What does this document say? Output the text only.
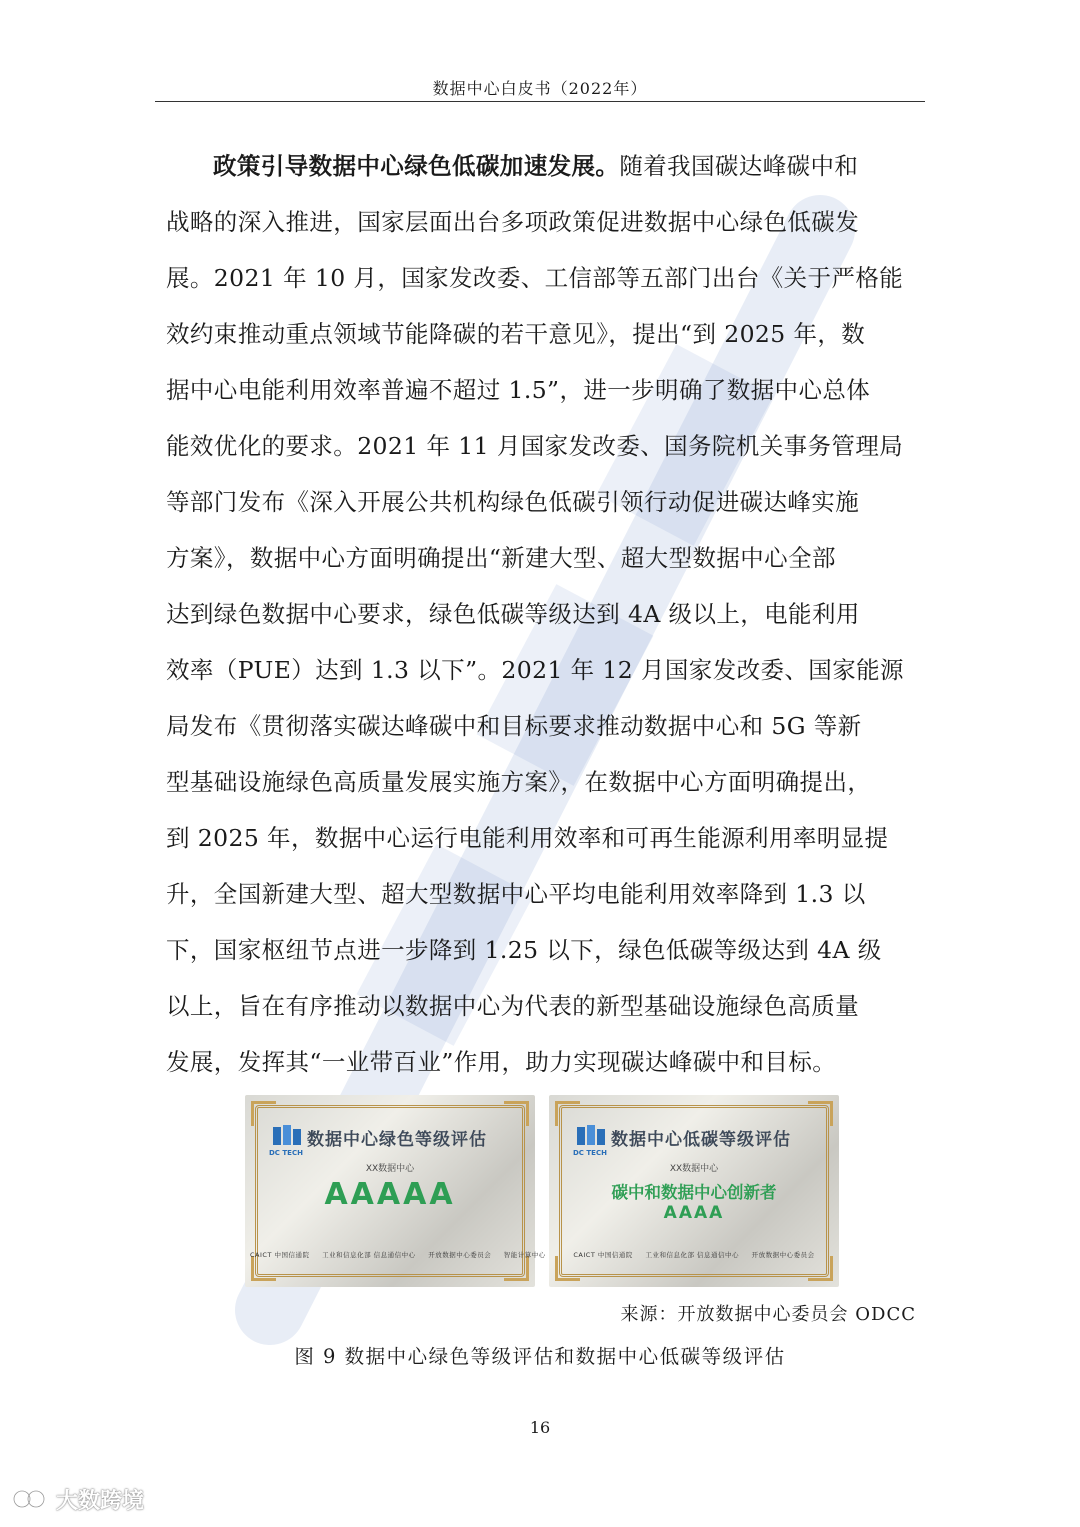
数据中心白皮书（2022年）
政策引导数据中心绿色低碳加速发展。随着我国碳达峰碳中和
战略的深入推进，国家层面出台多项政策促进数据中心绿色低碳发
展。2021 年 10 月，国家发改委、工信部等五部门出台《关于严格能
效约束推动重点领域节能降碳的若干意见》，提出“到 2025 年，数
据中心电能利用效率普遍不超过 1.5”，进一步明确了数据中心总体
能效优化的要求。2021 年 11 月国家发改委、国务院机关事务管理局
等部门发布《深入开展公共机构绿色低碳引领行动促进碳达峰实施
方案》，数据中心方面明确提出“新建大型、超大型数据中心全部
达到绿色数据中心要求，绿色低碳等级达到 4A 级以上，电能利用
效率（PUE）达到 1.3 以下”。2021 年 12 月国家发改委、国家能源
局发布《贯彻落实碳达峰碳中和目标要求推动数据中心和 5G 等新
型基础设施绿色高质量发展实施方案》，在数据中心方面明确提出，
到 2025 年，数据中心运行电能利用效率和可再生能源利用率明显提
升，全国新建大型、超大型数据中心平均电能利用效率降到 1.3 以
下，国家枢纽节点进一步降到 1.25 以下，绿色低碳等级达到 4A 级
以上，旨在有序推动以数据中心为代表的新型基础设施绿色高质量
发展，发挥其“一业带百业”作用，助力实现碳达峰碳中和目标。
DC TECH
数据中心绿色等级评估
XX数据中心
AAAAA
CAICT 中国信通院 工业和信息化部 信息通信中心 开放数据中心委员会 智能计算中心
DC TECH
数据中心低碳等级评估
XX数据中心
碳中和数据中心创新者
AAAA
CAICT 中国信通院 工业和信息化部 信息通信中心 开放数据中心委员会
来源：开放数据中心委员会 ODCC
图 9 数据中心绿色等级评估和数据中心低碳等级评估
16
大数跨境
